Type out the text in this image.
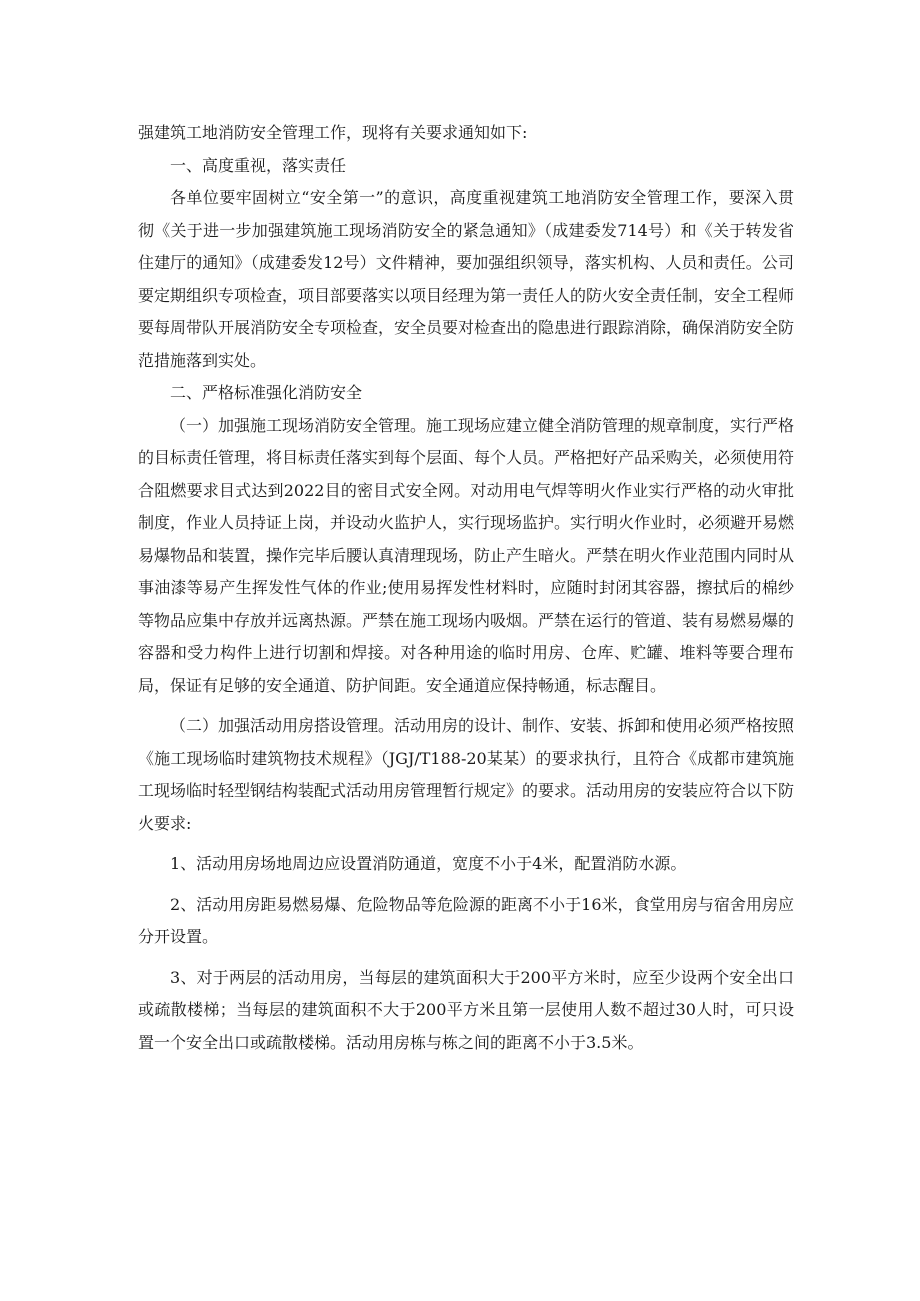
强建筑工地消防安全管理工作，现将有关要求通知如下:

一、高度重视，落实责任

各单位要牢固树立“安全第一”的意识，高度重视建筑工地消防安全管理工作，要深入贯彻《关于进一步加强建筑施工现场消防安全的紧急通知》（成建委发714号）和《关于转发省住建厅的通知》（成建委发12号）文件精神，要加强组织领导，落实机构、人员和责任。公司要定期组织专项检查，项目部要落实以项目经理为第一责任人的防火安全责任制，安全工程师要每周带队开展消防安全专项检查，安全员要对检查出的隐患进行跟踪消除，确保消防安全防范措施落到实处。

二、严格标准强化消防安全

（一）加强施工现场消防安全管理。施工现场应建立健全消防管理的规章制度，实行严格的目标责任管理，将目标责任落实到每个层面、每个人员。严格把好产品采购关，必须使用符合阻燃要求目式达到2022目的密目式安全网。对动用电气焊等明火作业实行严格的动火审批制度，作业人员持证上岗，并设动火监护人，实行现场监护。实行明火作业时，必须避开易燃易爆物品和装置，操作完毕后腰认真清理现场，防止产生暗火。严禁在明火作业范围内同时从事油漆等易产生挥发性气体的作业;使用易挥发性材料时，应随时封闭其容器，擦拭后的棉纱等物品应集中存放并远离热源。严禁在施工现场内吸烟。严禁在运行的管道、装有易燃易爆的容器和受力构件上进行切割和焊接。对各种用途的临时用房、仓库、贮罐、堆料等要合理布局，保证有足够的安全通道、防护间距。安全通道应保持畅通，标志醒目。

（二）加强活动用房搭设管理。活动用房的设计、制作、安装、拆卸和使用必须严格按照《施工现场临时建筑物技术规程》（JGJ/T188-20某某）的要求执行，且符合《成都市建筑施工现场临时轻型钢结构装配式活动用房管理暂行规定》的要求。活动用房的安装应符合以下防火要求:

1、活动用房场地周边应设置消防通道，宽度不小于4米，配置消防水源。

2、活动用房距易燃易爆、危险物品等危险源的距离不小于16米，食堂用房与宿舍用房应分开设置。

3、对于两层的活动用房，当每层的建筑面积大于200平方米时，应至少设两个安全出口或疏散楼梯；当每层的建筑面积不大于200平方米且第一层使用人数不超过30人时，可只设置一个安全出口或疏散楼梯。活动用房栋与栋之间的距离不小于3.5米。
